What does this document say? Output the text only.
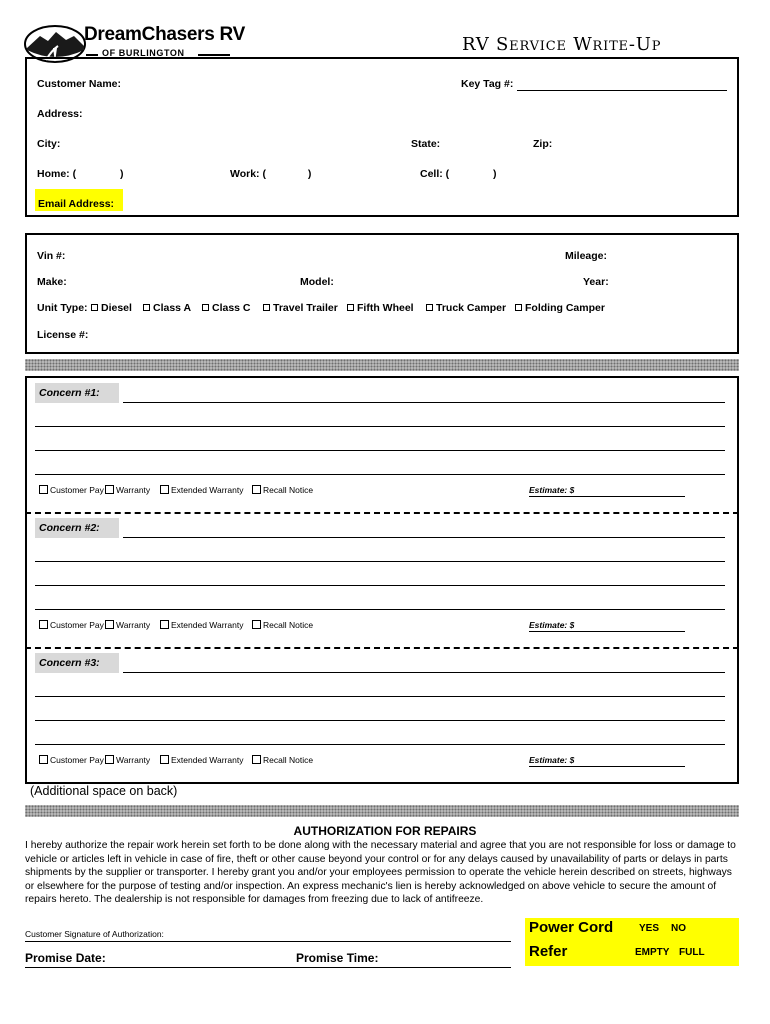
DreamChasers RV
OF BURLINGTON	RV Service Write-Up
Customer Name:	Key Tag #:
Address:
City:	State:	Zip:
Home: (	)	Work: (	)	Cell: (	)
Email Address:
Vin #:	Mileage:
Make:	Model:	Year:
Unit Type:	Diesel	Class A	Class C	Travel Trailer	Fifth Wheel	Truck Camper	Folding Camper
License #:
Concern #1:
Customer Pay	Warranty	Extended Warranty	Recall Notice	Estimate: $
Concern #2:
Customer Pay	Warranty	Extended Warranty	Recall Notice	Estimate: $
Concern #3:
Customer Pay	Warranty	Extended Warranty	Recall Notice	Estimate: $
(Additional space on back)
AUTHORIZATION FOR REPAIRS
I hereby authorize the repair work herein set forth to be done along with the necessary material and agree that you are not responsible for loss or damage to vehicle or articles left in vehicle in case of fire, theft or other cause beyond your control or for any delays caused by unavailability of parts or delays in parts shipments by the supplier or transporter. I hereby grant you and/or your employees permission to operate the vehicle herein described on streets, highways or elsewhere for the purpose of testing and/or inspection. An express mechanic's lien is hereby acknowledged on above vehicle to secure the amount of repairs hereto. The dealership is not responsible for damages from freezing due to lack of antifreeze.
Customer Signature of Authorization:
Promise Date:	Promise Time:
Power Cord	YES NO
Refer	EMPTY FULL
